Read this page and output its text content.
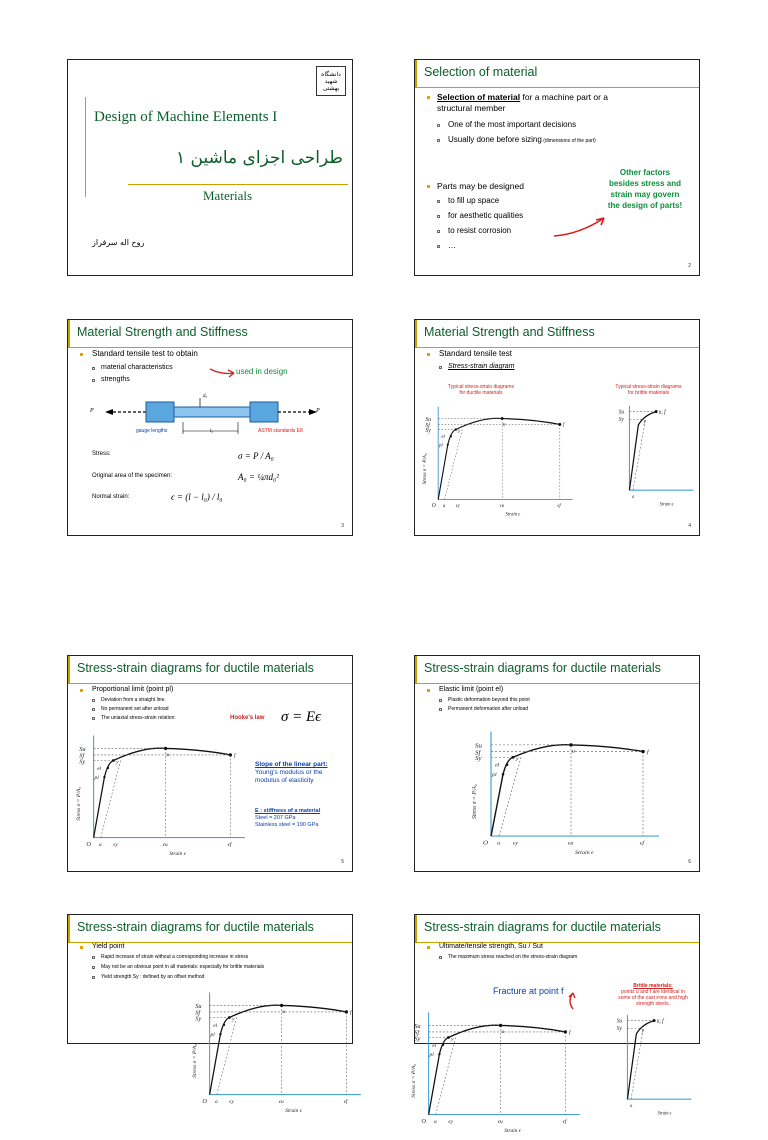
دانشگاه شهید بهشتی
Design of Machine Elements I
طراحی اجزای ماشین ۱
Materials
روح اله سرفراز
Selection of material
Selection of material for a machine part or a
structural member
One of the most important decisions
Usually done before sizing (dimensions of the part)
Parts may be designed
to fill up space
for aesthetic qualities
to resist corrosion
…
Other factors
besides stress and
strain may govern
the design of parts!
2
Material Strength and Stiffness
Standard tensile test to obtain
material characteristics
strengths
used in design
P	P
d₀
l₀
gauge lengths	ASTM standards E8
Stress:	σ = P / A₀
Original area of the specimen:	A₀ = ¼πd₀²
Normal strain:	ϵ = (l − l₀) / l₀
3
Material Strength and Stiffness
Standard tensile test
Stress-strain diagram
Typical stress-strain diagrams
for ductile materials
Typical stress-strain diagrams
for brittle materials
Su
Sf
Sy
O a ϵy	ϵu	ϵf
u	f
y
el
pl
Strain ϵ
Stress σ = P/A₀
Su
Sy
u, f
y
a
Strain ϵ
4
Stress-strain diagrams for ductile materials
Proportional limit (point pl)
Deviation from a straight line.
No permanent set after unload
The uniaxial stress-strain relation:	Hooke's law σ = Eϵ
Su
Sf
Sy
O a ϵy	ϵu	ϵf
u	f
y
el
pl
Strain ϵ
Stress σ = P/A₀
Slope of the linear part:
Young's modulus or the
modulus of elasticity
E : stiffness of a material
Steel = 207 GPa
Stainless steel = 190 GPa
5
Stress-strain diagrams for ductile materials
Elastic limit (point el)
Plastic deformation beyond this point
Permanent deformation after unload
Su
Sf
Sy
O a ϵy	ϵu	ϵf
u	f
y
el
pl
Strain ϵ
Stress σ = P/A₀
6
Stress-strain diagrams for ductile materials
Yield point
Rapid increase of strain without a corresponding increase in stress
May not be an obvious point in all materials: especially for brittle materials
Yield strength Sy : defined by an offset method
Su
Sf
Sy
O a ϵy	ϵu	ϵf
u	f
y
el
pl
Strain ϵ
Stress σ = P/A₀
Stress-strain diagrams for ductile materials
Ultimate/tensile strength, Su / Sut
The maximum stress reached on the stress-strain diagram
Fracture at point f	Brittle materials:
points u and f are identical in
some of the cast irons and high
strength steels.
Su
Sf
Sy
O a ϵy	ϵu	ϵf
u	f
y
el
pl
Strain ϵ
Stress σ = P/A₀
Su
Sy
u, f
y
a
Strain ϵ
